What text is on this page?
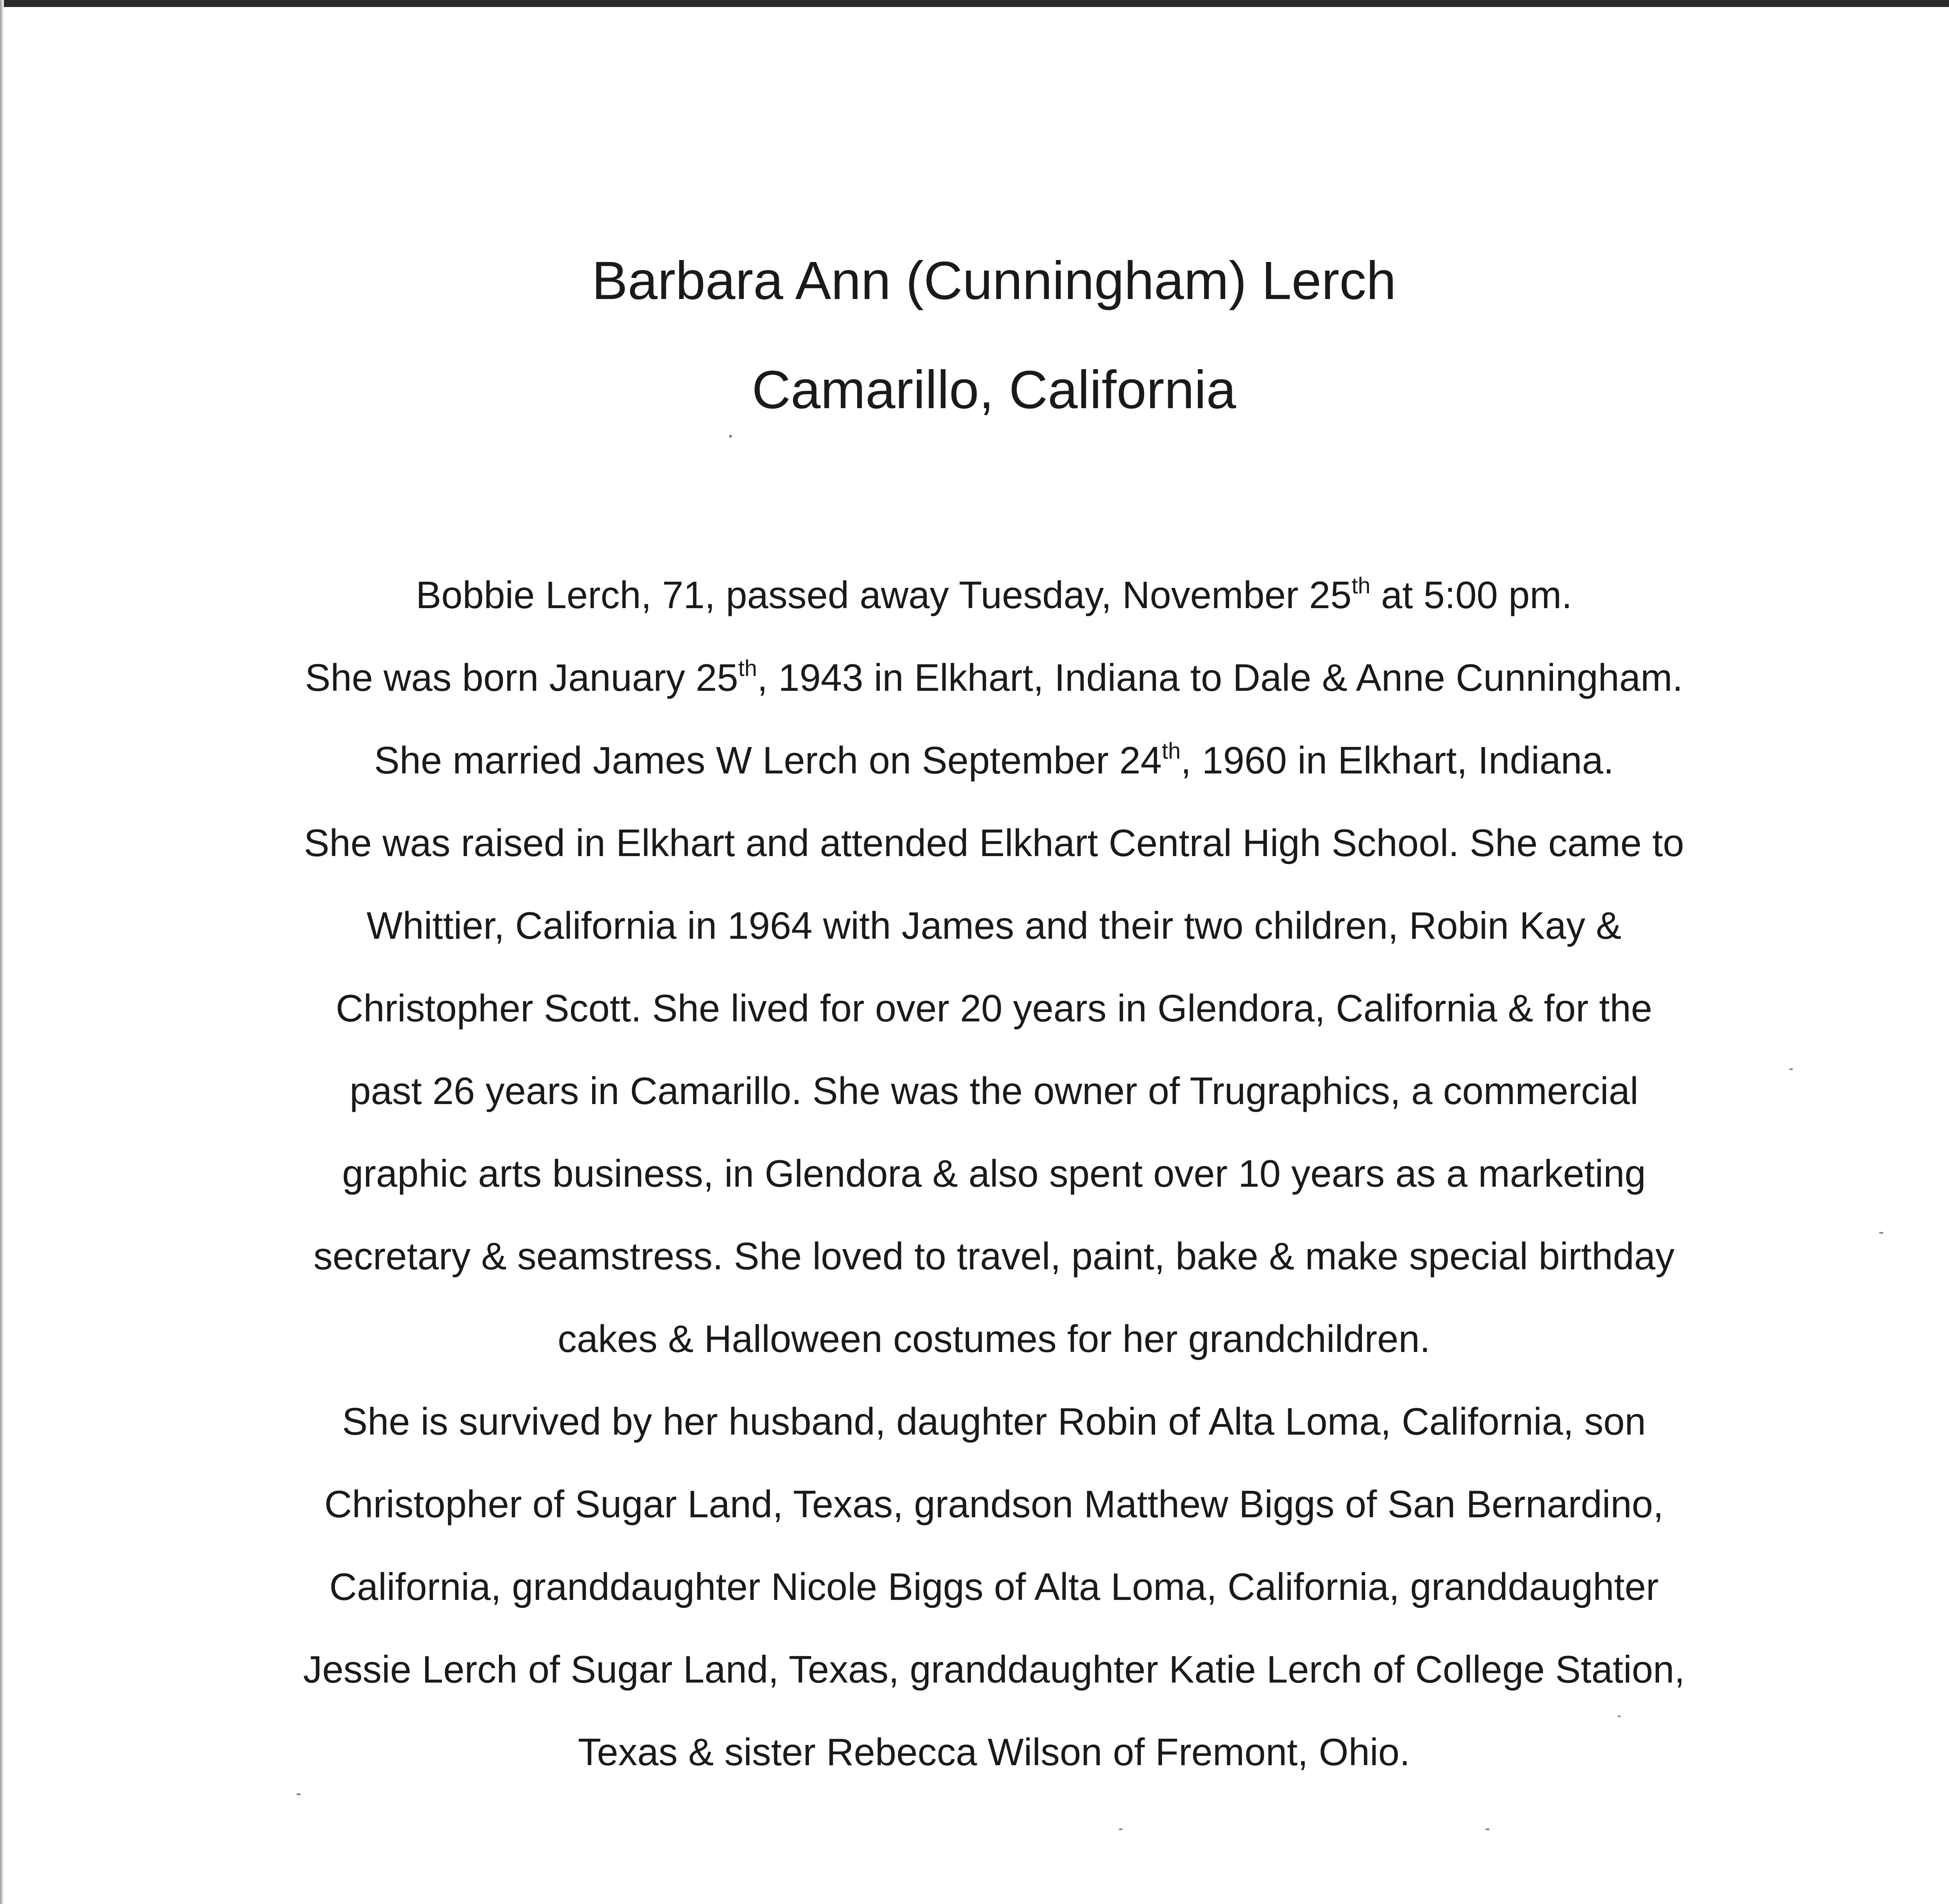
Barbara Ann (Cunningham) Lerch
Camarillo, California

Bobbie Lerch, 71, passed away Tuesday, November 25th at 5:00 pm.

She was born January 25th, 1943 in Elkhart, Indiana to Dale & Anne Cunningham.

She married James W Lerch on September 24th, 1960 in Elkhart, Indiana.

She was raised in Elkhart and attended Elkhart Central High School. She came to

Whittier, California in 1964 with James and their two children, Robin Kay &

Christopher Scott. She lived for over 20 years in Glendora, California & for the

past 26 years in Camarillo. She was the owner of Trugraphics, a commercial

graphic arts business, in Glendora & also spent over 10 years as a marketing

secretary & seamstress. She loved to travel, paint, bake & make special birthday

cakes & Halloween costumes for her grandchildren.

She is survived by her husband, daughter Robin of Alta Loma, California, son

Christopher of Sugar Land, Texas, grandson Matthew Biggs of San Bernardino,

California, granddaughter Nicole Biggs of Alta Loma, California, granddaughter

Jessie Lerch of Sugar Land, Texas, granddaughter Katie Lerch of College Station,

Texas & sister Rebecca Wilson of Fremont, Ohio.
